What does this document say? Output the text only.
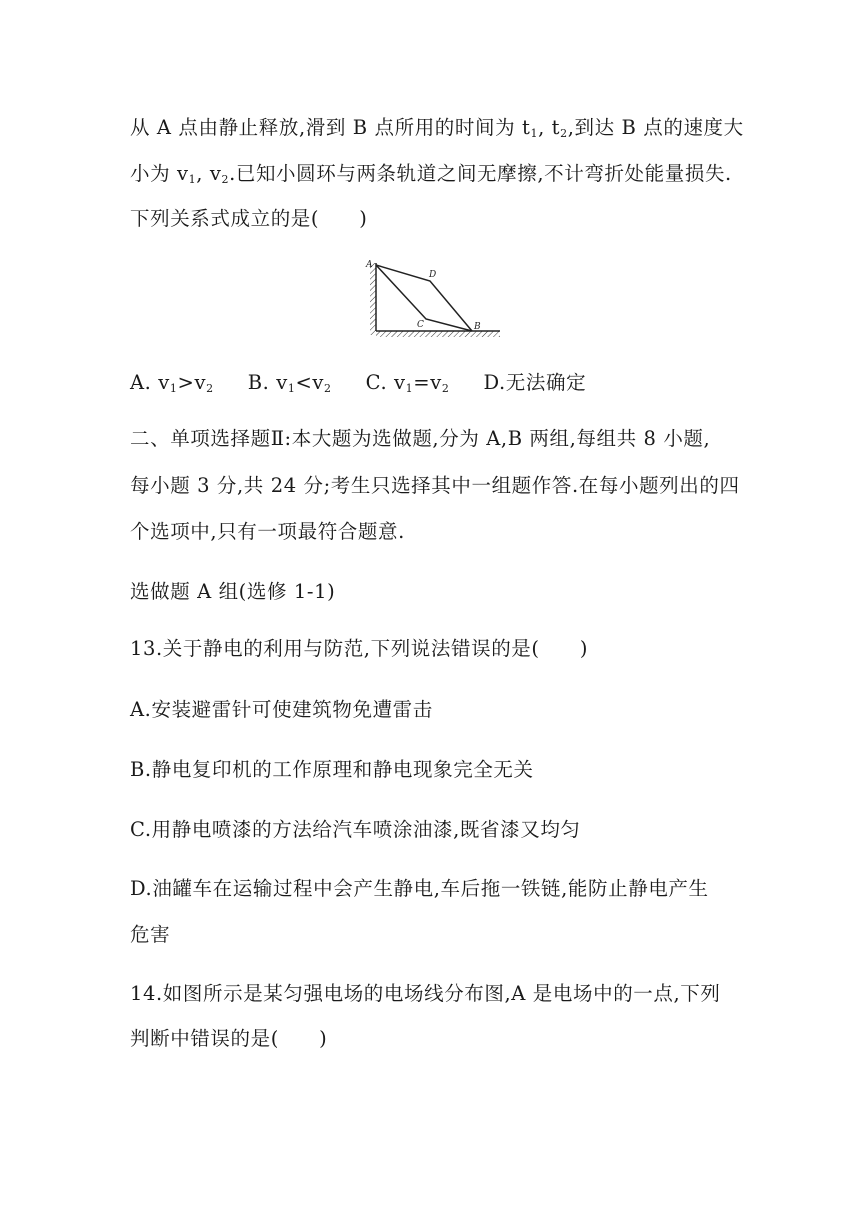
从 A 点由静止释放,滑到 B 点所用的时间为 $t_1$, $t_2$,到达 B 点的速度大
小为 $v_1$, $v_2$.已知小圆环与两条轨道之间无摩擦,不计弯折处能量损失.
下列关系式成立的是(　　)
A
D
C	B
A. $v_1>v_2$ B. $v_1<v_2$ C. $v_1=v_2$ D.无法确定
二、单项选择题Ⅱ:本大题为选做题,分为 A,B 两组,每组共 8 小题,
每小题 3 分,共 24 分;考生只选择其中一组题作答.在每小题列出的四
个选项中,只有一项最符合题意.
选做题 A 组(选修 1-1)
13.关于静电的利用与防范,下列说法错误的是(　　)
A.安装避雷针可使建筑物免遭雷击
B.静电复印机的工作原理和静电现象完全无关
C.用静电喷漆的方法给汽车喷涂油漆,既省漆又均匀
D.油罐车在运输过程中会产生静电,车后拖一铁链,能防止静电产生
危害
14.如图所示是某匀强电场的电场线分布图,A 是电场中的一点,下列
判断中错误的是(　　)
